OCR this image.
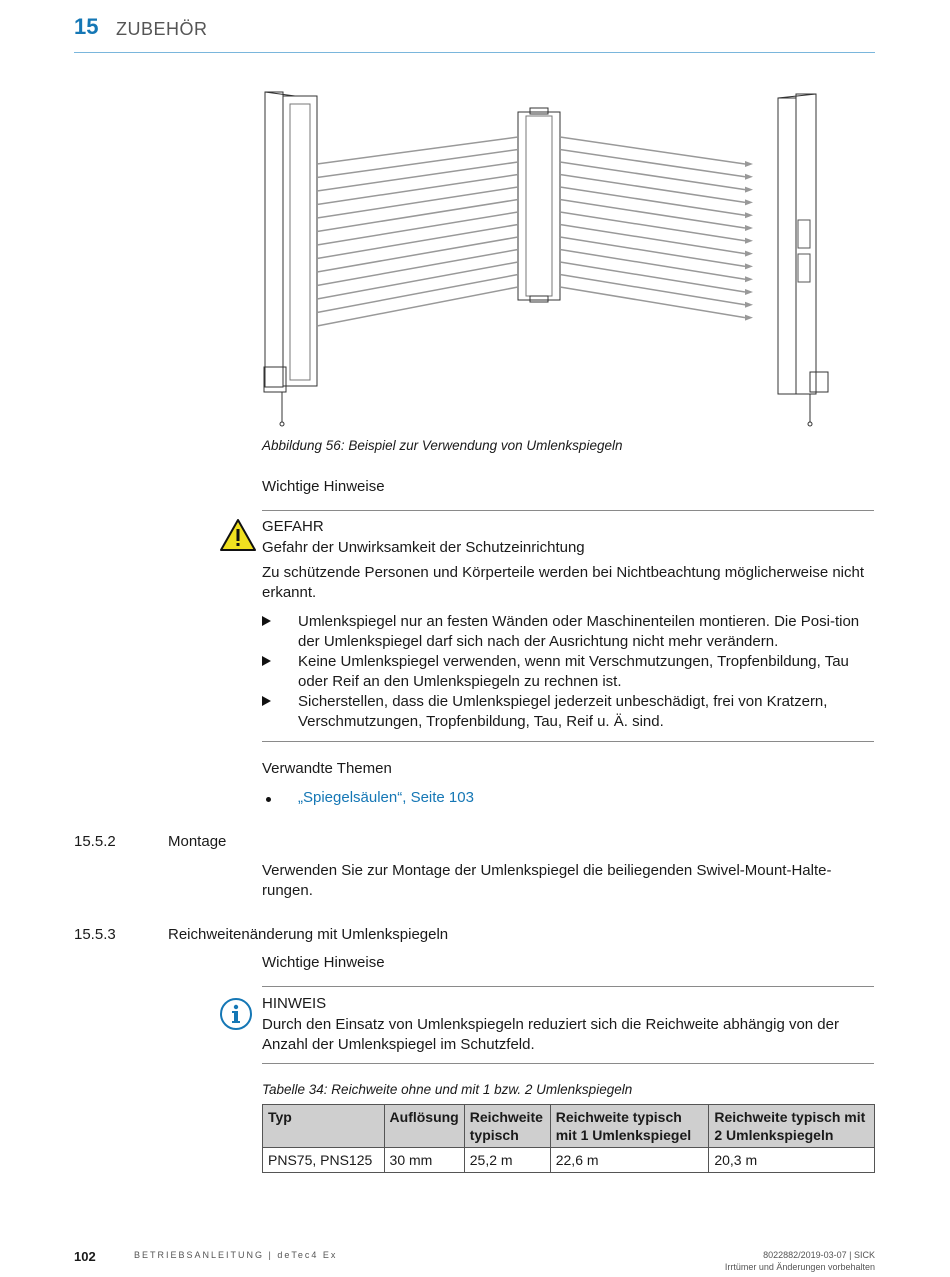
15 ZUBEHÖR
Abbildung 56: Beispiel zur Verwendung von Umlenkspiegeln
Wichtige Hinweise
GEFAHR
Gefahr der Unwirksamkeit der Schutzeinrichtung
Zu schützende Personen und Körperteile werden bei Nichtbeachtung möglicherweise nicht erkannt.
Umlenkspiegel nur an festen Wänden oder Maschinenteilen montieren. Die Posi-tion der Umlenkspiegel darf sich nach der Ausrichtung nicht mehr verändern.
Keine Umlenkspiegel verwenden, wenn mit Verschmutzungen, Tropfenbildung, Tau oder Reif an den Umlenkspiegeln zu rechnen ist.
Sicherstellen, dass die Umlenkspiegel jederzeit unbeschädigt, frei von Kratzern, Verschmutzungen, Tropfenbildung, Tau, Reif u. Ä. sind.
Verwandte Themen
„Spiegelsäulen“, Seite 103
15.5.2	Montage
Verwenden Sie zur Montage der Umlenkspiegel die beiliegenden Swivel-Mount-Halte-rungen.
15.5.3	Reichweitenänderung mit Umlenkspiegeln
Wichtige Hinweise
HINWEIS
Durch den Einsatz von Umlenkspiegeln reduziert sich die Reichweite abhängig von der Anzahl der Umlenkspiegel im Schutzfeld.
Tabelle 34: Reichweite ohne und mit 1 bzw. 2 Umlenkspiegeln
Typ	Auflösung	Reichweite typisch	Reichweite typisch mit 1 Umlenkspiegel	Reichweite typisch mit 2 Umlenkspiegeln
PNS75, PNS125	30 mm	25,2 m	22,6 m	20,3 m
102	BETRIEBSANLEITUNG | deTec4 Ex	8022882/2019-03-07 | SICK
Irrtümer und Änderungen vorbehalten
